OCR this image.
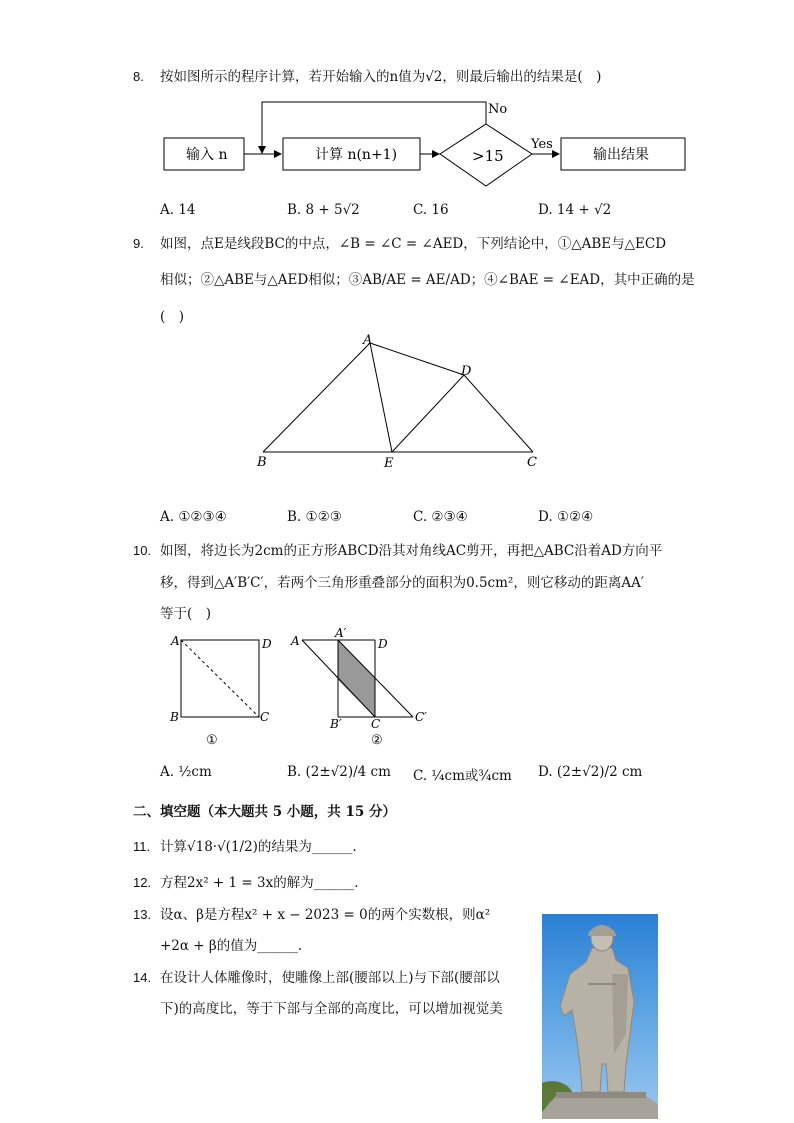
8. 按如图所示的程序计算，若开始输入的n值为√2，则最后输出的结果是(　)
输入 n	计算 n(n+1)	>15
No
Yes
输出结果
A. 14	B. 8 + 5√2	C. 16	D. 14 + √2
9. 如图，点E是线段BC的中点，∠B = ∠C = ∠AED，下列结论中，①△ABE与△ECD
相似；②△ABE与△AED相似；③AB/AE = AE/AD；④∠BAE = ∠EAD，其中正确的是
(　)
A
B	C
D
E
A. ①②③④	B. ①②③	C. ②③④	D. ①②④
10. 如图，将边长为2cm的正方形ABCD沿其对角线AC剪开，再把△ABC沿着AD方向平
移，得到△A′B′C′，若两个三角形重叠部分的面积为0.5cm²，则它移动的距离AA′
等于(　)
A	D
B	C
①
A
A′
D
B′ C	C′
②
A. ½cm	B. (2±√2)/4 cm C. ¼cm或¾cm D. (2±√2)/2 cm
二、填空题（本大题共 5 小题，共 15 分）
11. 计算√18·√(1/2)的结果为______.
12. 方程2x² + 1 = 3x的解为______.
13. 设α、β是方程x² + x − 2023 = 0的两个实数根，则α²
+2α + β的值为______.
14. 在设计人体雕像时，使雕像上部(腰部以上)与下部(腰部以
下)的高度比，等于下部与全部的高度比，可以增加视觉美
